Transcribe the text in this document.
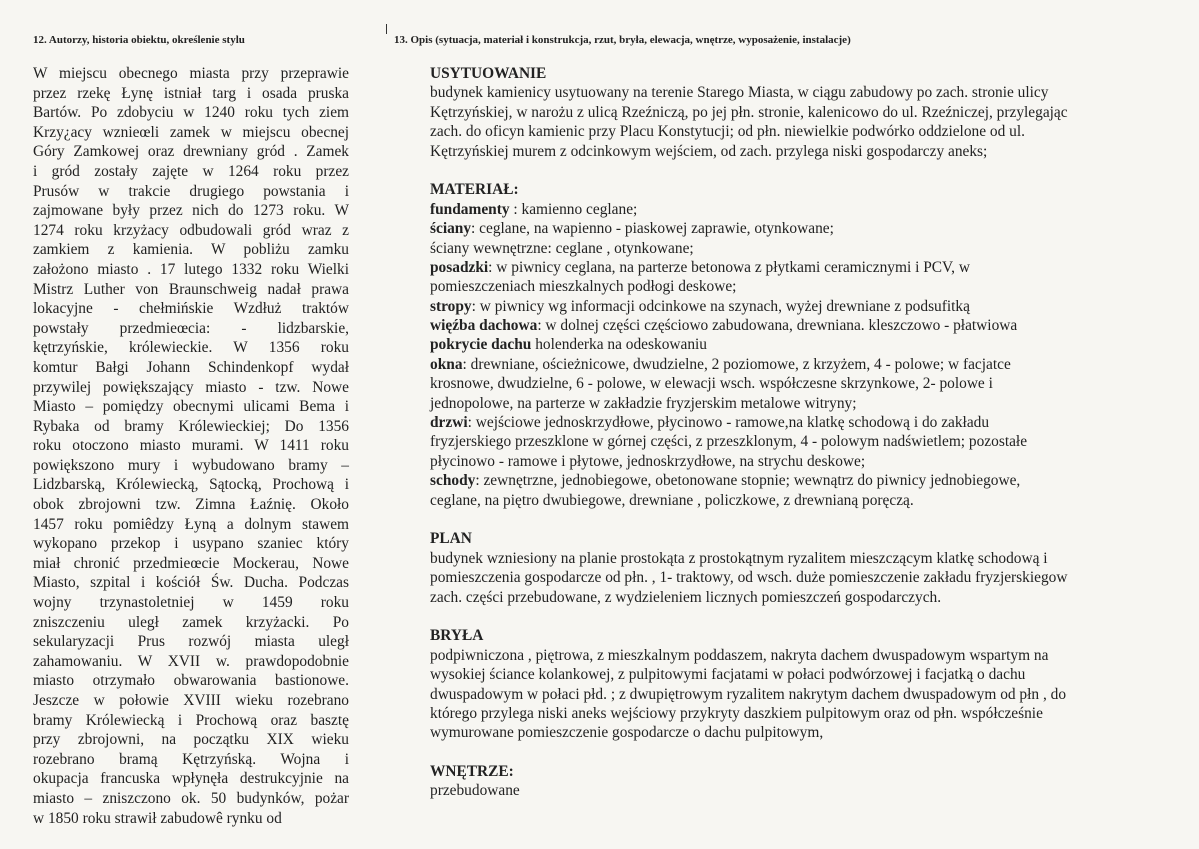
12. Autorzy, historia obiektu, określenie stylu	13. Opis (sytuacja, materiał i konstrukcja, rzut, bryła, elewacja, wnętrze, wyposażenie, instalacje)
W miejscu obecnego miasta przy przeprawie
przez rzekę Łynę istniał targ i osada pruska
Bartów. Po zdobyciu w 1240 roku tych ziem
Krzy¿acy wznieœli zamek w miejscu obecnej
Góry Zamkowej oraz drewniany gród . Zamek
i gród zostały zajęte w 1264 roku przez
Prusów w trakcie drugiego powstania i
zajmowane były przez nich do 1273 roku. W
1274 roku krzyżacy odbudowali gród wraz z
zamkiem z kamienia. W pobliżu zamku
założono miasto . 17 lutego 1332 roku Wielki
Mistrz Luther von Braunschweig nadał prawa
lokacyjne - chełmińskie Wzdłuż traktów
powstały przedmieœcia: - lidzbarskie,
kętrzyńskie, królewieckie. W 1356 roku
komtur Bałgi Johann Schindenkopf wydał
przywilej powiększający miasto - tzw. Nowe
Miasto – pomiędzy obecnymi ulicami Bema i
Rybaka od bramy Królewieckiej; Do 1356
roku otoczono miasto murami. W 1411 roku
powiększono mury i wybudowano bramy –
Lidzbarską, Królewiecką, Sątocką, Prochową i
obok zbrojowni tzw. Zimna Łaźnię. Około
1457 roku pomiêdzy Łyną a dolnym stawem
wykopano przekop i usypano szaniec który
miał chronić przedmieœcie Mockerau, Nowe
Miasto, szpital i kościół Św. Ducha. Podczas
wojny trzynastoletniej w 1459 roku
zniszczeniu uległ zamek krzyżacki. Po
sekularyzacji Prus rozwój miasta uległ
zahamowaniu. W XVII w. prawdopodobnie
miasto otrzymało obwarowania bastionowe.
Jeszcze w połowie XVIII wieku rozebrano
bramy Królewiecką i Prochową oraz basztę
przy zbrojowni, na początku XIX wieku
rozebrano bramą Kętrzyńską. Wojna i
okupacja francuska wpłynęła destrukcyjnie na
miasto – zniszczono ok. 50 budynków, pożar
w 1850 roku strawił zabudowê rynku od
USYTUOWANIE
budynek kamienicy usytuowany na terenie Starego Miasta, w ciągu zabudowy po zach. stronie ulicy
Kętrzyńskiej, w narożu z ulicą Rzeźniczą, po jej płn. stronie, kalenicowo do ul. Rzeźniczej, przylegając
zach. do oficyn kamienic przy Placu Konstytucji; od płn. niewielkie podwórko oddzielone od ul.
Kętrzyńskiej murem z odcinkowym wejściem, od zach. przylega niski gospodarczy aneks;
MATERIAŁ:
fundamenty : kamiennо ceglane;
ściany: ceglane, na wapienno - piaskowej zaprawie, otynkowane;
ściany wewnętrzne: ceglane , otynkowane;
posadzki: w piwnicy ceglana, na parterze betonowa z płytkami ceramicznymi i PCV, w
pomieszczeniach mieszkalnych podłogi deskowe;
stropy: w piwnicy wg informacji odcinkowe na szynach, wyżej drewniane z podsufitką
więźba dachowa: w dolnej części częściowo zabudowana, drewniana. kleszczowo - płatwiowa
pokrycie dachu holenderka na odeskowaniu
okna: drewniane, ościeżnicowe, dwudzielne, 2 poziomowe, z krzyżem, 4 - polowe; w facjatce
krosnowe, dwudzielne, 6 - polowe, w elewacji wsch. współczesne skrzynkowe, 2- polowe i
jednopolowe, na parterze w zakładzie fryzjerskim metalowe witryny;
drzwi: wejściowe jednoskrzydłowe, płycinowo - ramowe,na klatkę schodową i do zakładu
fryzjerskiego przeszklone w górnej części, z przeszklonym, 4 - polowym nadświetlem; pozostałe
płycinowo - ramowe i płytowe, jednoskrzydłowe, na strychu deskowe;
schody: zewnętrzne, jednobiegowe, obetonowane stopnie; wewnątrz do piwnicy jednobiegowe,
ceglane, na piętro dwubiegowe, drewniane , policzkowe, z drewnianą poręczą.
PLAN
budynek wzniesiony na planie prostokąta z prostokątnym ryzalitem mieszczącym klatkę schodową i
pomieszczenia gospodarcze od płn. , 1- traktowy, od wsch. duże pomieszczenie zakładu fryzjerskiegow
zach. części przebudowane, z wydzieleniem licznych pomieszczeń gospodarczych.
BRYŁA
podpiwniczona , piętrowa, z mieszkalnym poddaszem, nakryta dachem dwuspadowym wspartym na
wysokiej ściance kolankowej, z pulpitowymi facjatami w połaci podwórzowej i facjatką o dachu
dwuspadowym w połaci płd. ; z dwupiętrowym ryzalitem nakrytym dachem dwuspadowym od płn , do
którego przylega niski aneks wejściowy przykryty daszkiem pulpitowym oraz od płn. współcześnie
wymurowane pomieszczenie gospodarcze o dachu pulpitowym,
WNĘTRZE:
przebudowane
